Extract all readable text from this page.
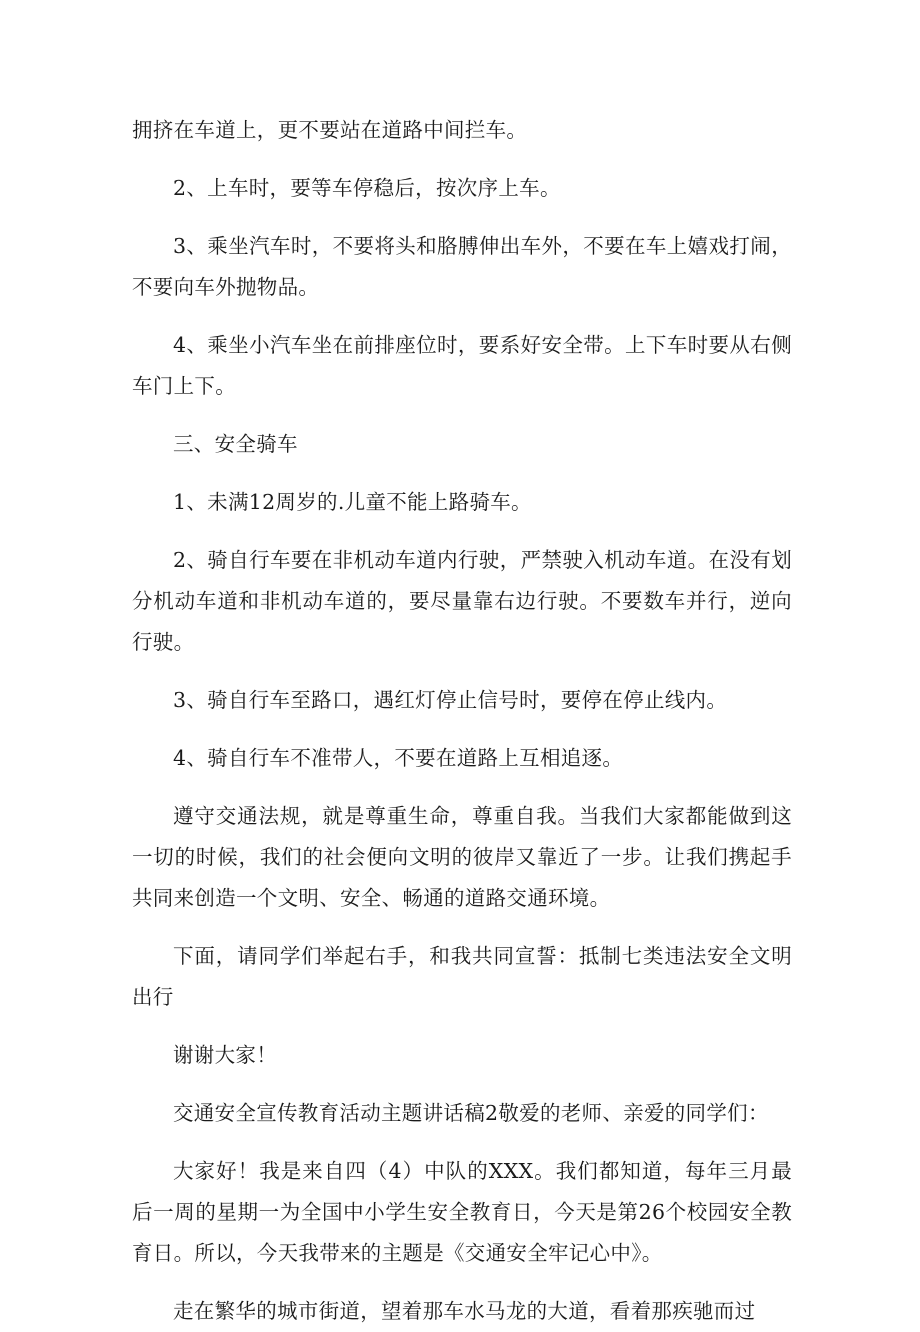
拥挤在车道上，更不要站在道路中间拦车。

2、上车时，要等车停稳后，按次序上车。

3、乘坐汽车时，不要将头和胳膊伸出车外，不要在车上嬉戏打闹，不要向车外抛物品。

4、乘坐小汽车坐在前排座位时，要系好安全带。上下车时要从右侧车门上下。

三、安全骑车

1、未满12周岁的.儿童不能上路骑车。

2、骑自行车要在非机动车道内行驶，严禁驶入机动车道。在没有划分机动车道和非机动车道的，要尽量靠右边行驶。不要数车并行，逆向行驶。

3、骑自行车至路口，遇红灯停止信号时，要停在停止线内。

4、骑自行车不准带人，不要在道路上互相追逐。

遵守交通法规，就是尊重生命，尊重自我。当我们大家都能做到这一切的时候，我们的社会便向文明的彼岸又靠近了一步。让我们携起手共同来创造一个文明、安全、畅通的道路交通环境。

下面，请同学们举起右手，和我共同宣誓：抵制七类违法安全文明出行

谢谢大家！

交通安全宣传教育活动主题讲话稿2敬爱的老师、亲爱的同学们：

大家好！我是来自四（4）中队的XXX。我们都知道，每年三月最后一周的星期一为全国中小学生安全教育日，今天是第26个校园安全教育日。所以，今天我带来的主题是《交通安全牢记心中》。

走在繁华的城市街道，望着那车水马龙的大道，看着那疾驰而过
